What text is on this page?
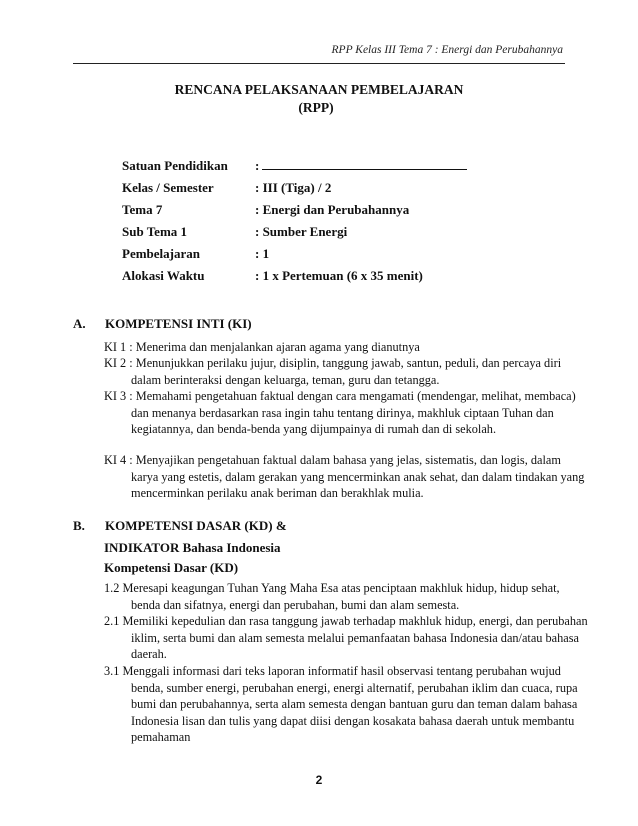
RPP Kelas III Tema 7 : Energi dan Perubahannya
RENCANA PELAKSANAAN PEMBELAJARAN
(RPP)
Satuan Pendidikan	:
Kelas / Semester	: III (Tiga) / 2
Tema 7	: Energi dan Perubahannya
Sub Tema 1	: Sumber Energi
Pembelajaran	: 1
Alokasi Waktu	: 1 x Pertemuan (6 x 35 menit)
A. KOMPETENSI INTI (KI)
KI 1 : Menerima dan menjalankan ajaran agama yang dianutnya
KI 2 : Menunjukkan perilaku jujur, disiplin, tanggung jawab, santun, peduli, dan percaya diri dalam berinteraksi dengan keluarga, teman, guru dan tetangga.
KI 3 : Memahami pengetahuan faktual dengan cara mengamati (mendengar, melihat, membaca) dan menanya berdasarkan rasa ingin tahu tentang dirinya, makhluk ciptaan Tuhan dan kegiatannya, dan benda-benda yang dijumpainya di rumah dan di sekolah.
KI 4 : Menyajikan pengetahuan faktual dalam bahasa yang jelas, sistematis, dan logis, dalam karya yang estetis, dalam gerakan yang mencerminkan anak sehat, dan dalam tindakan yang mencerminkan perilaku anak beriman dan berakhlak mulia.
B. KOMPETENSI DASAR (KD) &
INDIKATOR Bahasa Indonesia
Kompetensi Dasar (KD)
1.2 Meresapi keagungan Tuhan Yang Maha Esa atas penciptaan makhluk hidup, hidup sehat, benda dan sifatnya, energi dan perubahan, bumi dan alam semesta.
2.1 Memiliki kepedulian dan rasa tanggung jawab terhadap makhluk hidup, energi, dan perubahan iklim, serta bumi dan alam semesta melalui pemanfaatan bahasa Indonesia dan/atau bahasa daerah.
3.1 Menggali informasi dari teks laporan informatif hasil observasi tentang perubahan wujud benda, sumber energi, perubahan energi, energi alternatif, perubahan iklim dan cuaca, rupa bumi dan perubahannya, serta alam semesta dengan bantuan guru dan teman dalam bahasa Indonesia lisan dan tulis yang dapat diisi dengan kosakata bahasa daerah untuk membantu pemahaman
2
